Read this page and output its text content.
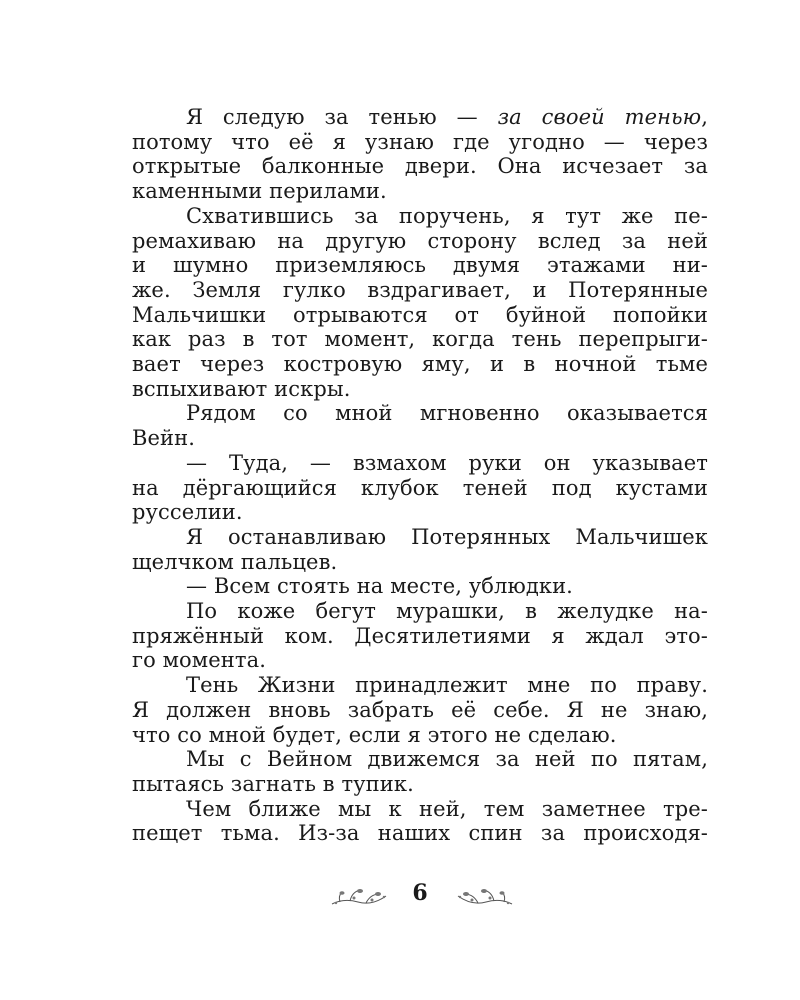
Я следую за тенью — за своей тенью,
потому что её я узнаю где угодно — через
открытые балконные двери. Она исчезает за
каменными перилами.
Схватившись за поручень, я тут же пе-
ремахиваю на другую сторону вслед за ней
и шумно приземляюсь двумя этажами ни-
же. Земля гулко вздрагивает, и Потерянные
Мальчишки отрываются от буйной попойки
как раз в тот момент, когда тень перепрыги-
вает через костровую яму, и в ночной тьме
вспыхивают искры.
Рядом со мной мгновенно оказывается
Вейн.
— Туда, — взмахом руки он указывает
на дёргающийся клубок теней под кустами
русселии.
Я останавливаю Потерянных Мальчишек
щелчком пальцев.
— Всем стоять на месте, ублюдки.
По коже бегут мурашки, в желудке на-
пряжённый ком. Десятилетиями я ждал это-
го момента.
Тень Жизни принадлежит мне по праву.
Я должен вновь забрать её себе. Я не знаю,
что со мной будет, если я этого не сделаю.
Мы с Вейном движемся за ней по пятам,
пытаясь загнать в тупик.
Чем ближе мы к ней, тем заметнее тре-
пещет тьма. Из-за наших спин за происходя-
6
